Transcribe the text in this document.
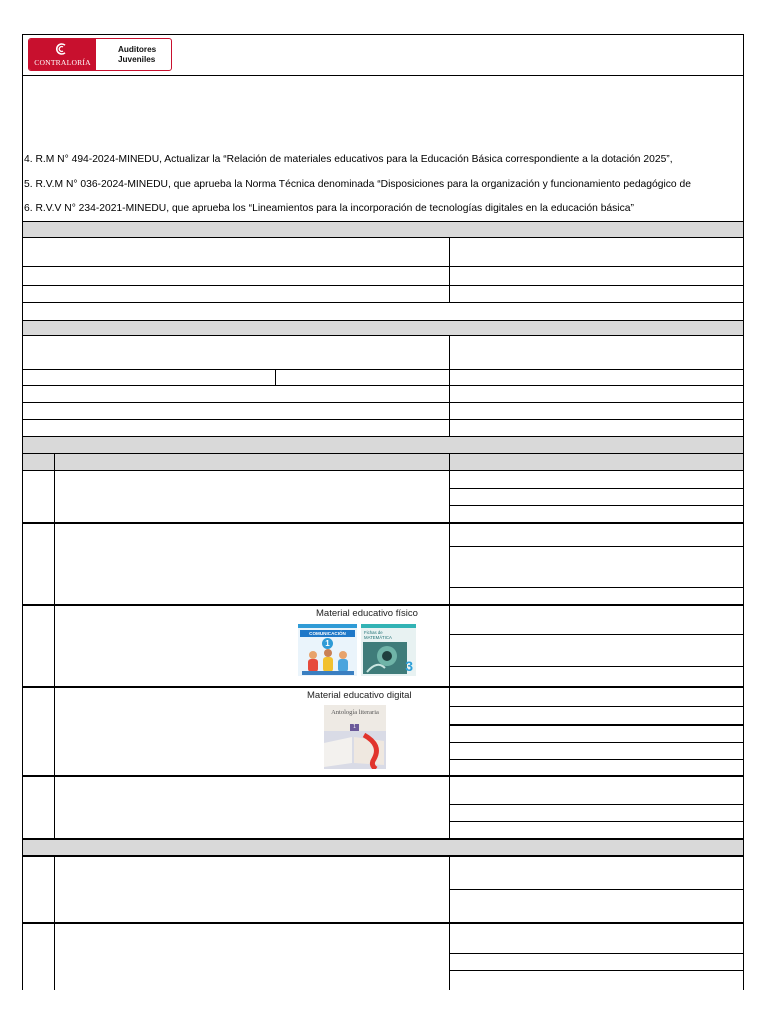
CONTRALORÍA
Auditores
Juveniles
4. R.M N° 494-2024-MINEDU, Actualizar la “Relación de materiales educativos para la Educación Básica correspondiente a la dotación 2025”,
5. R.V.M N° 036-2024-MINEDU, que aprueba la Norma Técnica denominada “Disposiciones para la organización y funcionamiento pedagógico de
6. R.V.V N° 234-2021-MINEDU, que aprueba los “Lineamientos para la incorporación de tecnologías digitales en la educación básica”
Material educativo físico
COMUNICACIÓN
1
Fichas de MATEMÁTICA
3
Material educativo digital
Antología literaria
1
